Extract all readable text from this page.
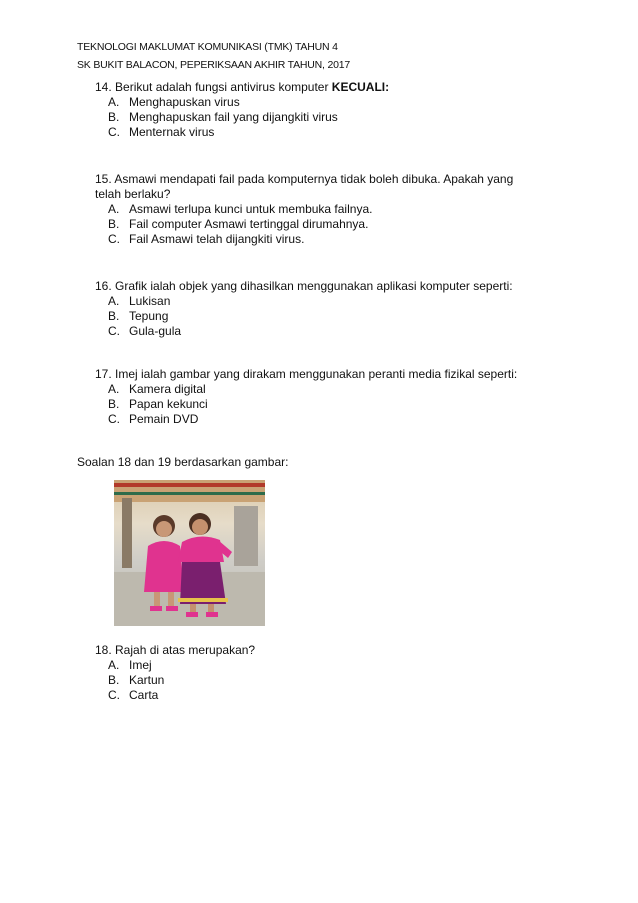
TEKNOLOGI MAKLUMAT KOMUNIKASI (TMK) TAHUN 4
SK BUKIT BALACON, PEPERIKSAAN AKHIR TAHUN, 2017
14. Berikut adalah fungsi antivirus komputer KECUALI:
A. Menghapuskan virus
B. Menghapuskan fail yang dijangkiti virus
C. Menternak virus
15. Asmawi mendapati fail pada komputernya tidak boleh dibuka. Apakah yang telah berlaku?
A. Asmawi terlupa kunci untuk membuka failnya.
B. Fail computer Asmawi tertinggal dirumahnya.
C. Fail Asmawi telah dijangkiti virus.
16. Grafik ialah objek yang dihasilkan menggunakan aplikasi komputer seperti:
A. Lukisan
B. Tepung
C. Gula-gula
17. Imej ialah gambar yang dirakam menggunakan peranti media fizikal seperti:
A. Kamera digital
B. Papan kekunci
C. Pemain DVD
Soalan 18 dan 19 berdasarkan gambar:
18. Rajah di atas merupakan?
A. Imej
B. Kartun
C. Carta
